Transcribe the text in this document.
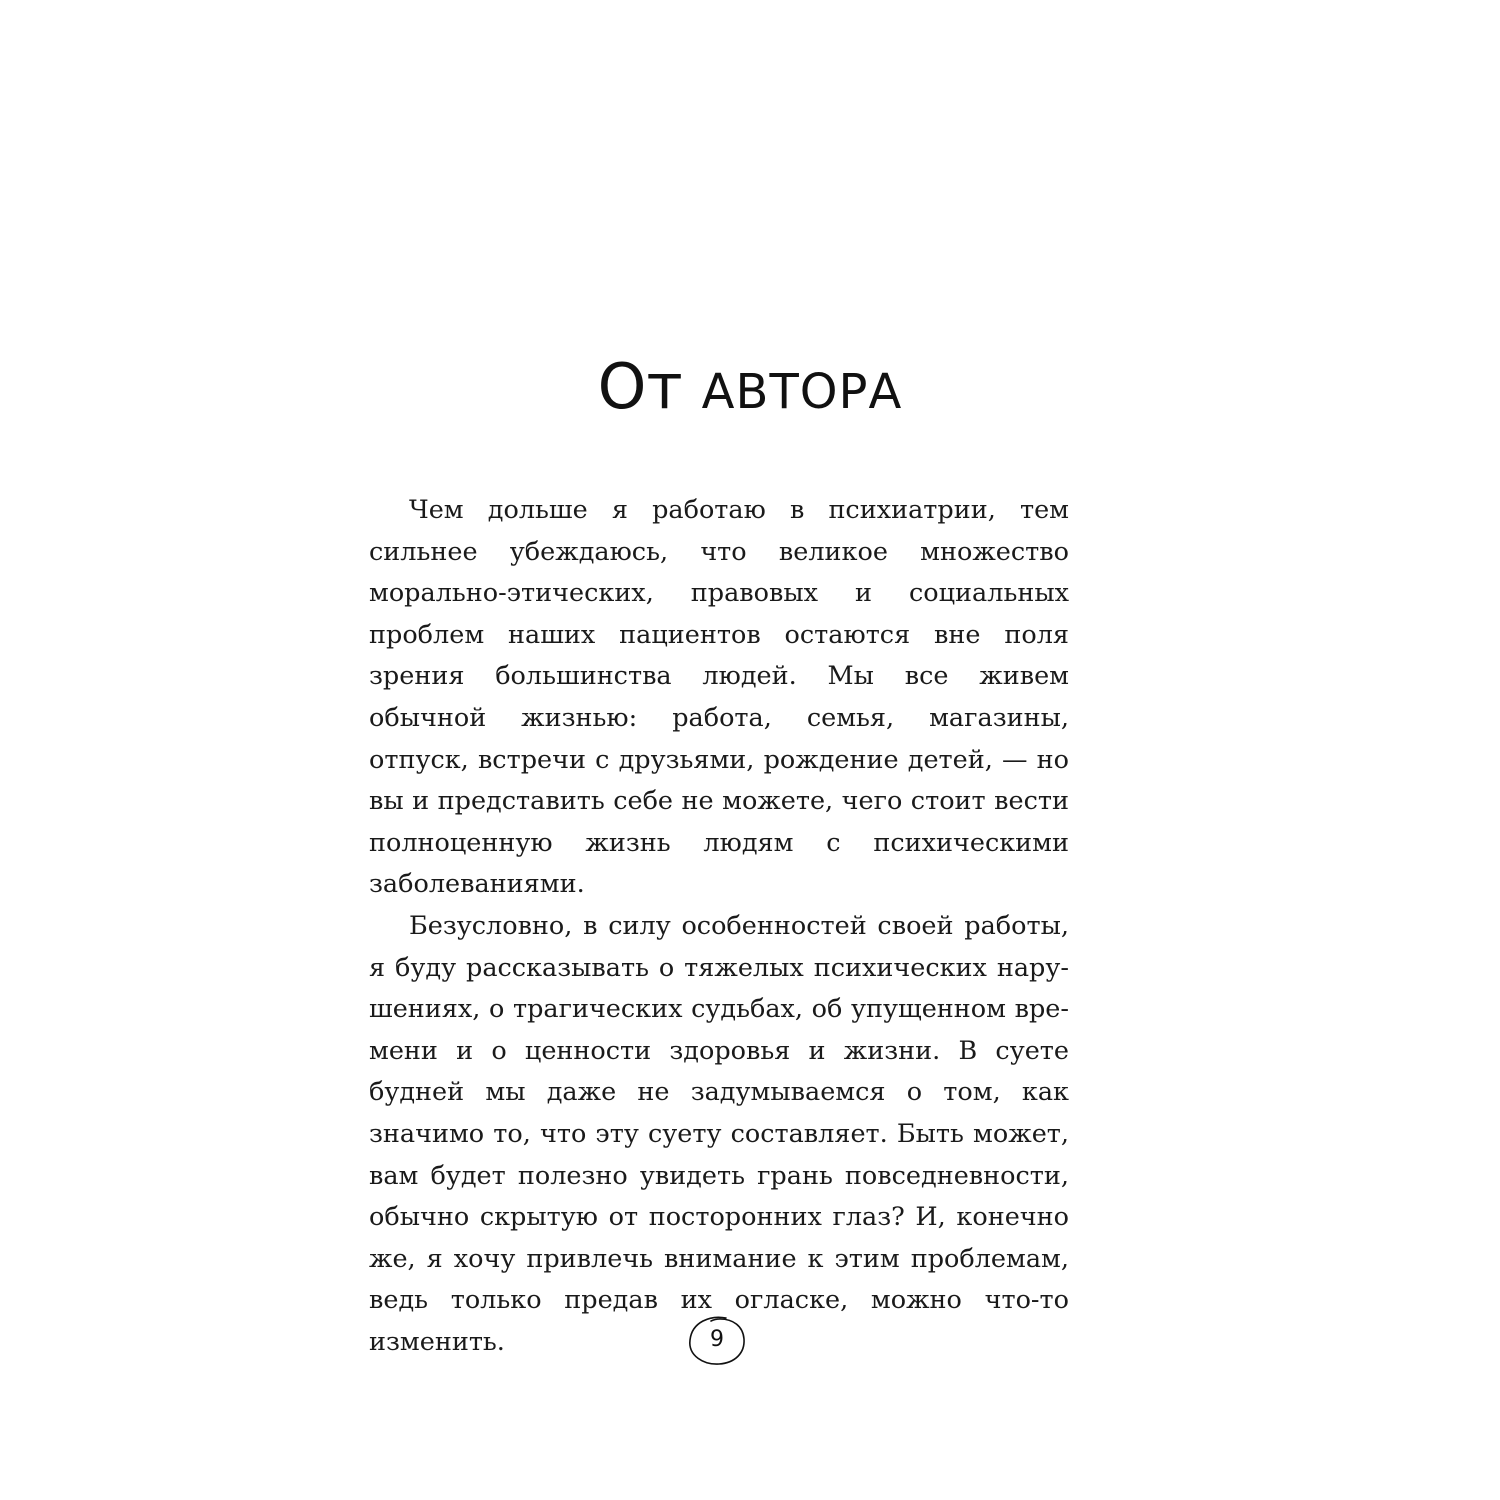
От АВТОРА

Чем дольше я работаю в психиатрии, тем сильнее убеждаюсь, что великое множество морально-этических, правовых и социальных проблем наших пациентов остаются вне поля зрения большинства людей. Мы все живем обычной жизнью: работа, семья, магазины, отпуск, встречи с друзьями, рождение детей, — но вы и представить себе не можете, чего стоит вести полноценную жизнь людям с психическими заболеваниями.

Безусловно, в силу особенностей своей работы, я буду рассказывать о тяжелых психических нарушениях, о трагических судьбах, об упущенном времени и о ценности здоровья и жизни. В суете будней мы даже не задумываемся о том, как значимо то, что эту суету составляет. Быть может, вам будет полезно увидеть грань повседневности, обычно скрытую от посторонних глаз? И, конечно же, я хочу привлечь внимание к этим проблемам, ведь только предав их огласке, можно что-то изменить.	9
